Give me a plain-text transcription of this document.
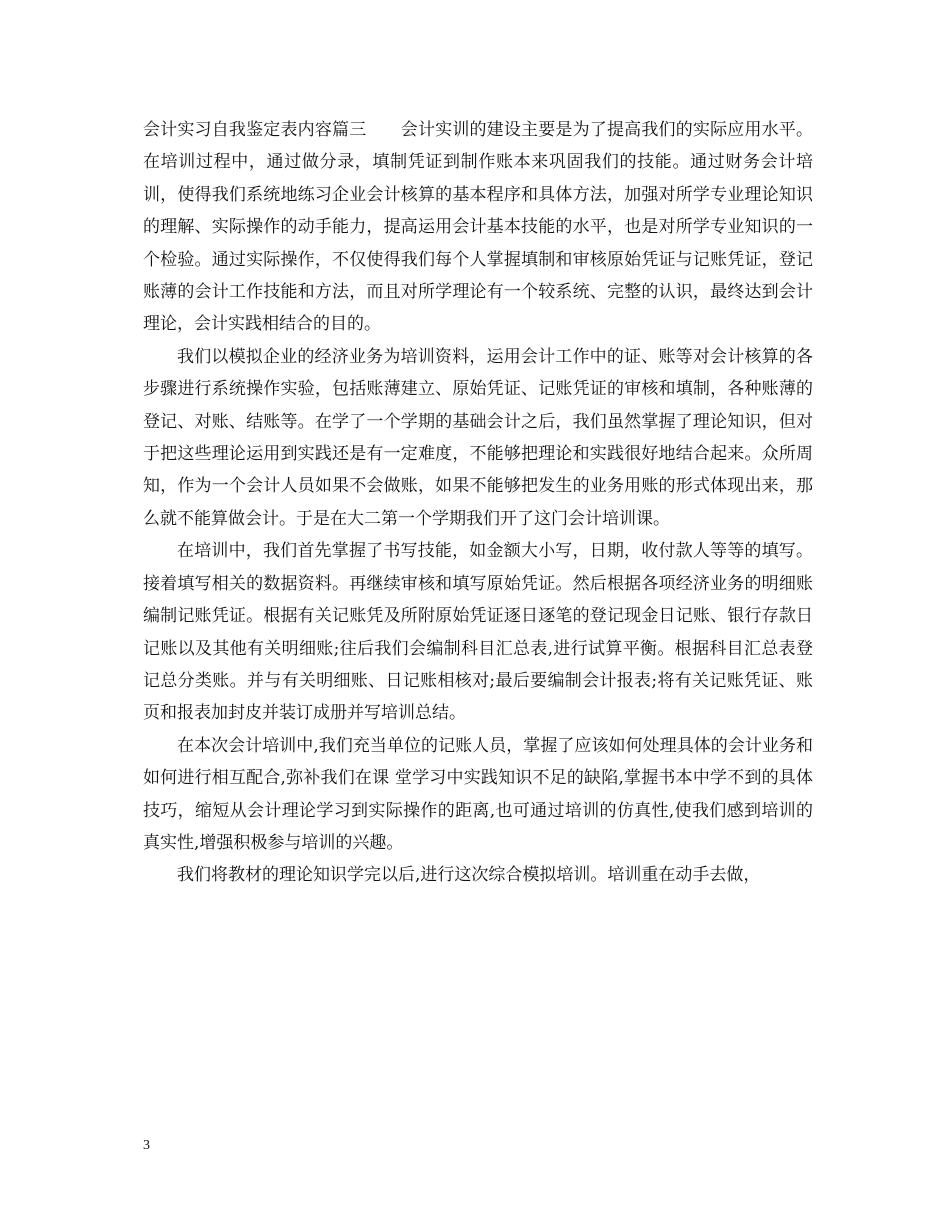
会计实习自我鉴定表内容篇三　　会计实训的建设主要是为了提高我们的实际应用水平。在培训过程中，通过做分录，填制凭证到制作账本来巩固我们的技能。通过财务会计培训，使得我们系统地练习企业会计核算的基本程序和具体方法，加强对所学专业理论知识的理解、实际操作的动手能力，提高运用会计基本技能的水平，也是对所学专业知识的一个检验。通过实际操作，不仅使得我们每个人掌握填制和审核原始凭证与记账凭证，登记账薄的会计工作技能和方法，而且对所学理论有一个较系统、完整的认识，最终达到会计理论，会计实践相结合的目的。

我们以模拟企业的经济业务为培训资料，运用会计工作中的证、账等对会计核算的各步骤进行系统操作实验，包括账薄建立、原始凭证、记账凭证的审核和填制，各种账薄的登记、对账、结账等。在学了一个学期的基础会计之后，我们虽然掌握了理论知识，但对于把这些理论运用到实践还是有一定难度，不能够把理论和实践很好地结合起来。众所周知，作为一个会计人员如果不会做账，如果不能够把发生的业务用账的形式体现出来，那么就不能算做会计。于是在大二第一个学期我们开了这门会计培训课。

在培训中，我们首先掌握了书写技能，如金额大小写，日期，收付款人等等的填写。接着填写相关的数据资料。再继续审核和填写原始凭证。然后根据各项经济业务的明细账编制记账凭证。根据有关记账凭及所附原始凭证逐日逐笔的登记现金日记账、银行存款日记账以及其他有关明细账;往后我们会编制科目汇总表,进行试算平衡。根据科目汇总表登记总分类账。并与有关明细账、日记账相核对;最后要编制会计报表;将有关记账凭证、账页和报表加封皮并装订成册并写培训总结。

在本次会计培训中,我们充当单位的记账人员，掌握了应该如何处理具体的会计业务和如何进行相互配合,弥补我们在课 堂学习中实践知识不足的缺陷,掌握书本中学不到的具体技巧，缩短从会计理论学习到实际操作的距离,也可通过培训的仿真性,使我们感到培训的真实性,增强积极参与培训的兴趣。

我们将教材的理论知识学完以后,进行这次综合模拟培训。培训重在动手去做，

3
